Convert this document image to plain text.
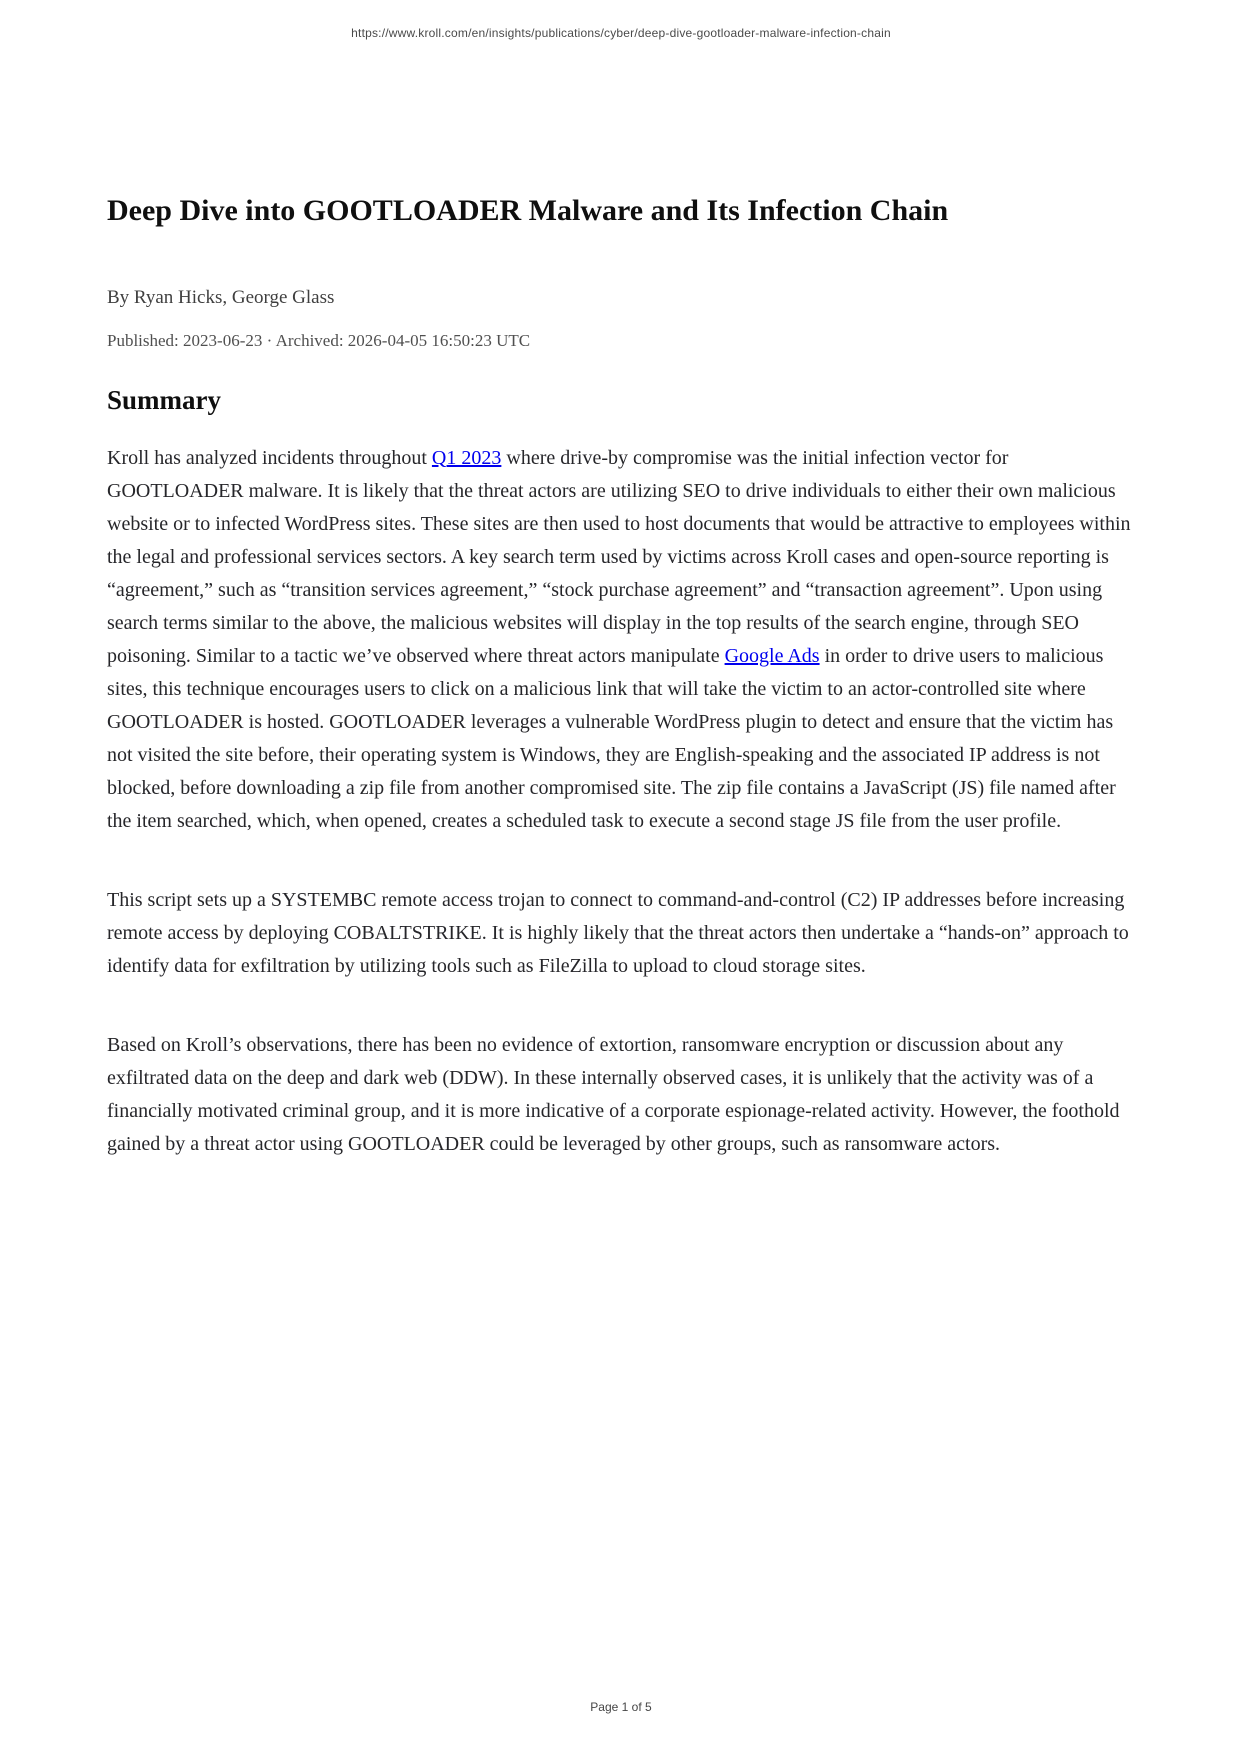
https://www.kroll.com/en/insights/publications/cyber/deep-dive-gootloader-malware-infection-chain
Deep Dive into GOOTLOADER Malware and Its Infection Chain

By Ryan Hicks, George Glass

Published: 2023-06-23 · Archived: 2026-04-05 16:50:23 UTC

Summary

Kroll has analyzed incidents throughout Q1 2023 where drive-by compromise was the initial infection vector for GOOTLOADER malware. It is likely that the threat actors are utilizing SEO to drive individuals to either their own malicious website or to infected WordPress sites. These sites are then used to host documents that would be attractive to employees within the legal and professional services sectors. A key search term used by victims across Kroll cases and open-source reporting is “agreement,” such as “transition services agreement,” “stock purchase agreement” and “transaction agreement”. Upon using search terms similar to the above, the malicious websites will display in the top results of the search engine, through SEO poisoning. Similar to a tactic we’ve observed where threat actors manipulate Google Ads in order to drive users to malicious sites, this technique encourages users to click on a malicious link that will take the victim to an actor-controlled site where GOOTLOADER is hosted. GOOTLOADER leverages a vulnerable WordPress plugin to detect and ensure that the victim has not visited the site before, their operating system is Windows, they are English-speaking and the associated IP address is not blocked, before downloading a zip file from another compromised site. The zip file contains a JavaScript (JS) file named after the item searched, which, when opened, creates a scheduled task to execute a second stage JS file from the user profile.

This script sets up a SYSTEMBC remote access trojan to connect to command-and-control (C2) IP addresses before increasing remote access by deploying COBALTSTRIKE. It is highly likely that the threat actors then undertake a “hands-on” approach to identify data for exfiltration by utilizing tools such as FileZilla to upload to cloud storage sites.

Based on Kroll’s observations, there has been no evidence of extortion, ransomware encryption or discussion about any exfiltrated data on the deep and dark web (DDW). In these internally observed cases, it is unlikely that the activity was of a financially motivated criminal group, and it is more indicative of a corporate espionage-related activity. However, the foothold gained by a threat actor using GOOTLOADER could be leveraged by other groups, such as ransomware actors.

Page 1 of 5
